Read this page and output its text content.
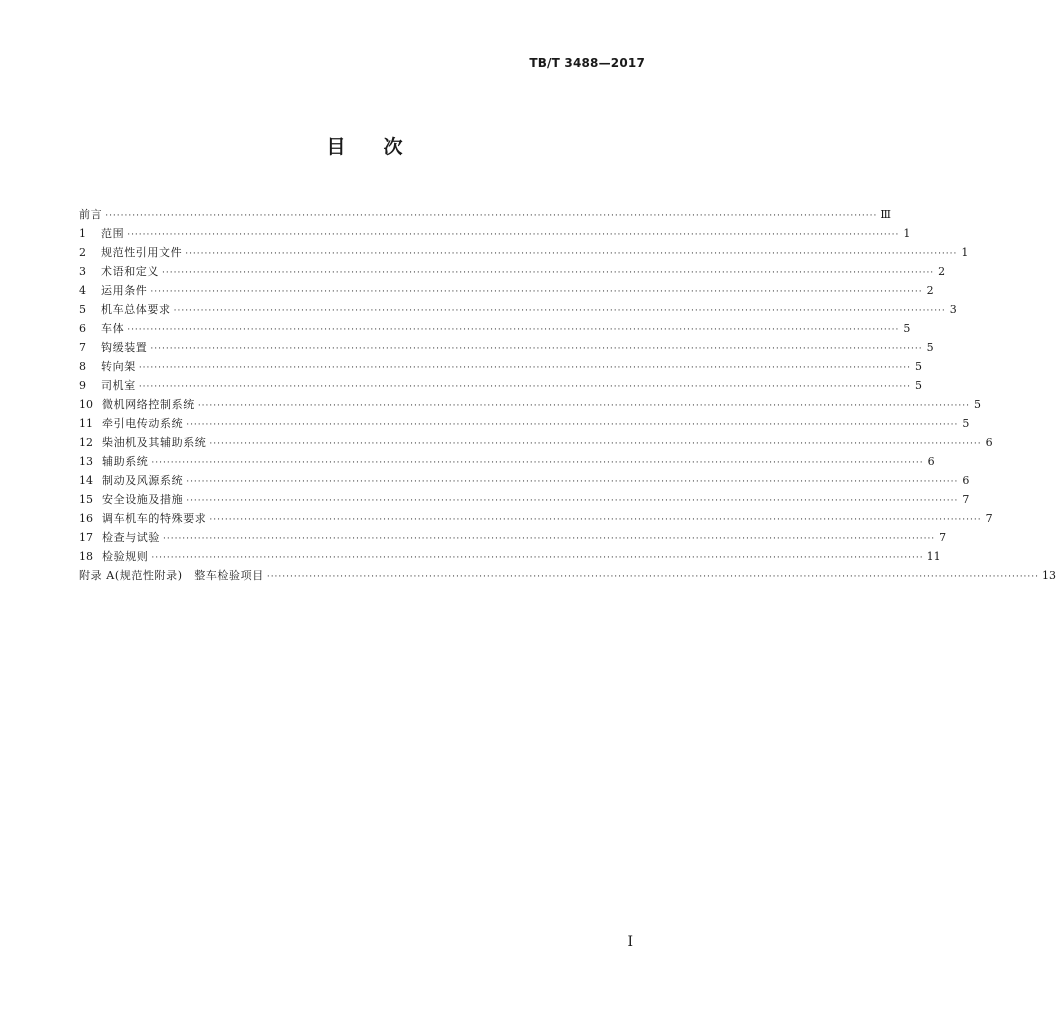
TB/T 3488—2017
目 次
前言 ········································································································································································································ Ⅲ
1	范围 ········································································································································································································ 1
2	规范性引用文件 ········································································································································································································ 1
3	术语和定义 ········································································································································································································ 2
4	运用条件 ········································································································································································································ 2
5	机车总体要求 ········································································································································································································ 3
6	车体 ········································································································································································································ 5
7	钩缓装置 ········································································································································································································ 5
8	转向架 ········································································································································································································ 5
9	司机室 ········································································································································································································ 5
10 微机网络控制系统 ········································································································································································································ 5
11 牵引电传动系统 ········································································································································································································ 5
12 柴油机及其辅助系统 ········································································································································································································ 6
13 辅助系统 ········································································································································································································ 6
14 制动及风源系统 ········································································································································································································ 6
15 安全设施及措施 ········································································································································································································ 7
16 调车机车的特殊要求 ········································································································································································································ 7
17 检查与试验 ········································································································································································································ 7
18 检验规则 ········································································································································································································ 11
附录 A(规范性附录)　整车检验项目 ········································································································································································································ 13
I
